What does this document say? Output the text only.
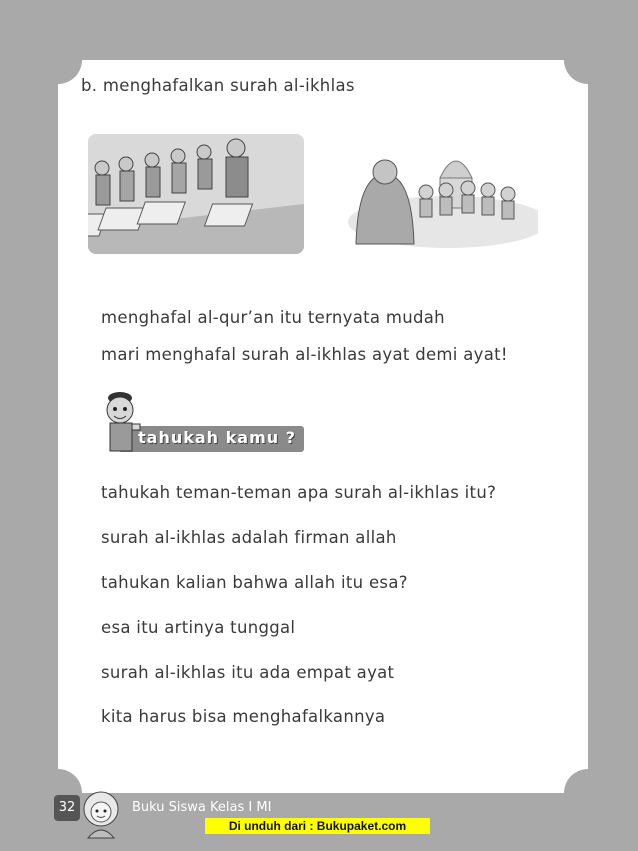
b. menghafalkan surah al-ikhlas
menghafal al-qur’an itu ternyata mudah
mari menghafal surah al-ikhlas ayat demi ayat!
tahukah kamu ?
tahukah teman-teman apa surah al-ikhlas itu?
surah al-ikhlas adalah firman allah
tahukan kalian bahwa allah itu esa?
esa itu artinya tunggal
surah al-ikhlas itu ada empat ayat
kita harus bisa menghafalkannya
32	Buku Siswa Kelas I MI
Di unduh dari : Bukupaket.com
